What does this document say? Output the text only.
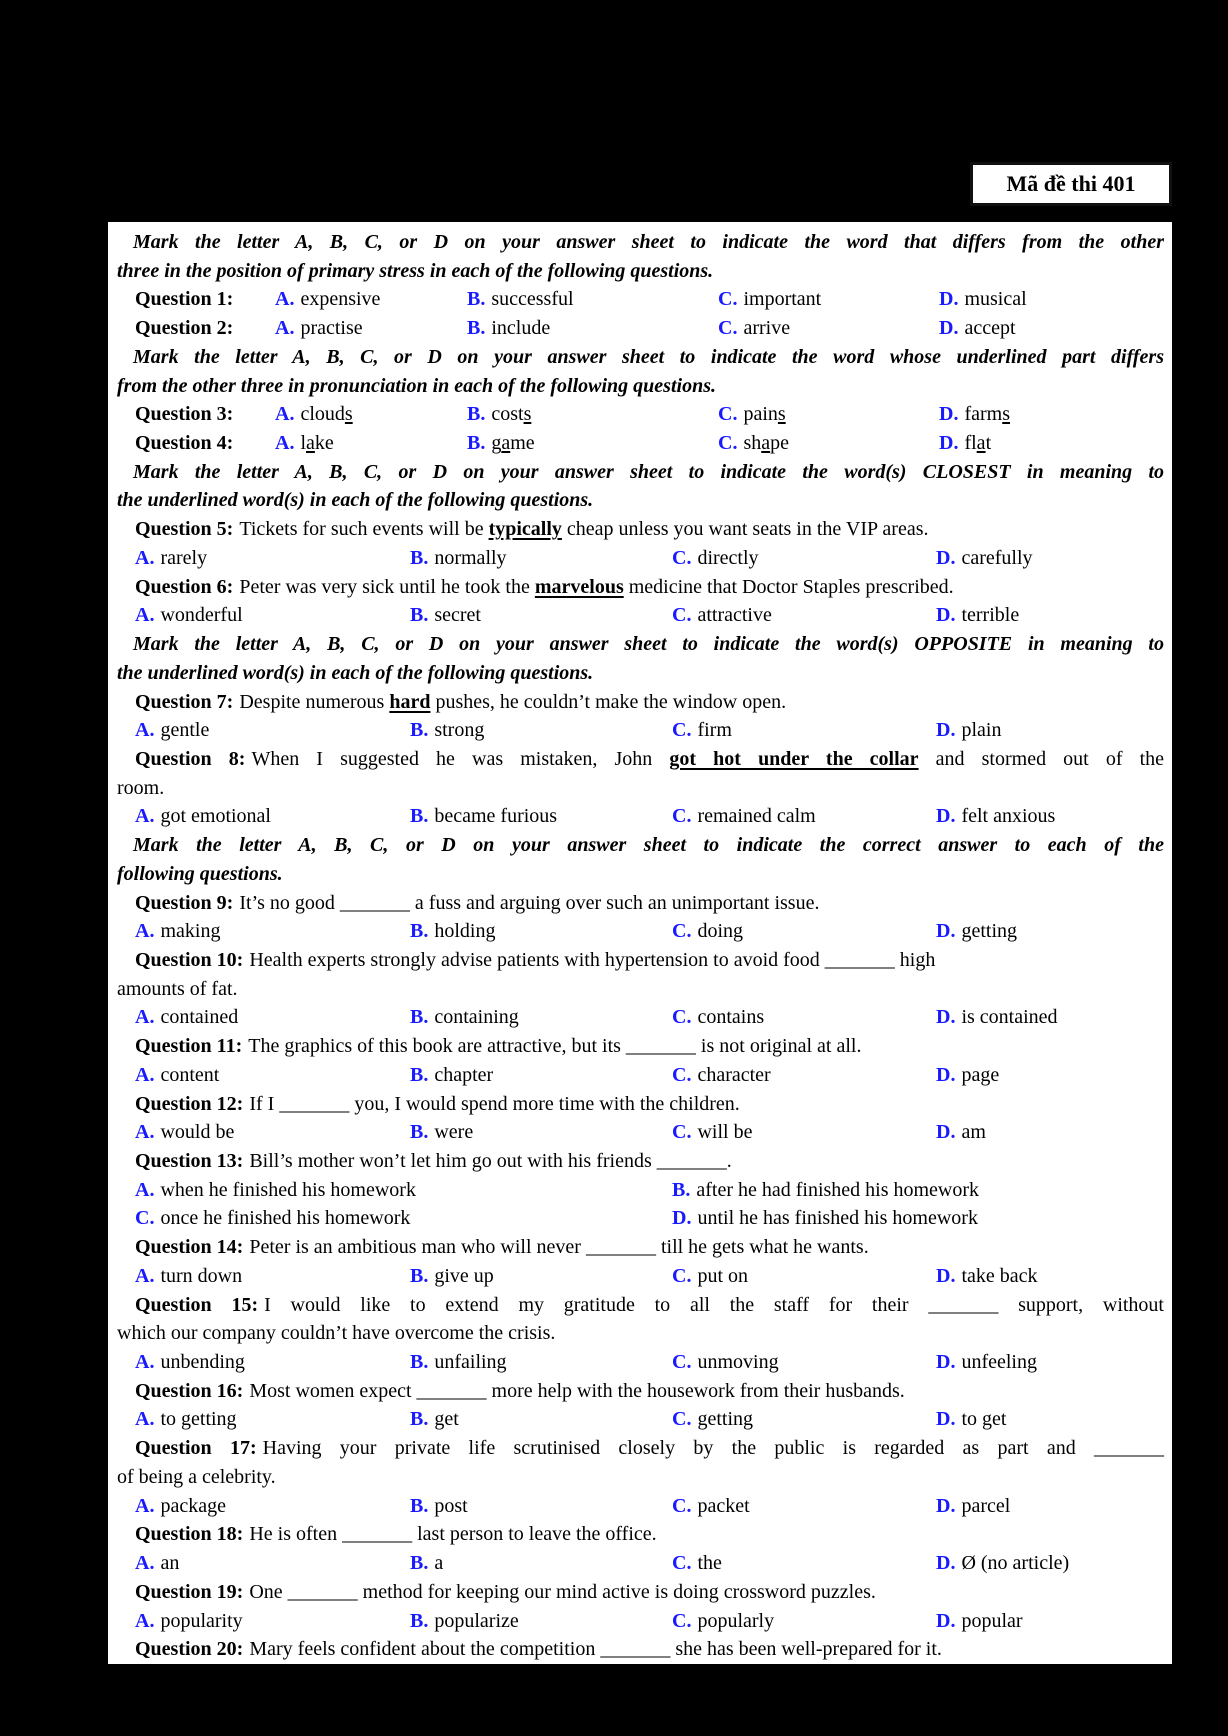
Mã đề thi 401
Mark the letter A, B, C, or D on your answer sheet to indicate the word that differs from the other
three in the position of primary stress in each of the following questions.
Question 1:	A. expensive	B. successful	C. important	D. musical
Question 2:	A. practise	B. include	C. arrive	D. accept
Mark the letter A, B, C, or D on your answer sheet to indicate the word whose underlined part differs
from the other three in pronunciation in each of the following questions.
Question 3:	A. clouds	B. costs	C. pains	D. farms
Question 4:	A. lake	B. game	C. shape	D. flat
Mark the letter A, B, C, or D on your answer sheet to indicate the word(s) CLOSEST in meaning to
the underlined word(s) in each of the following questions.
Question 5: Tickets for such events will be typically cheap unless you want seats in the VIP areas.
A. rarely	B. normally	C. directly	D. carefully
Question 6: Peter was very sick until he took the marvelous medicine that Doctor Staples prescribed.
A. wonderful	B. secret	C. attractive	D. terrible
Mark the letter A, B, C, or D on your answer sheet to indicate the word(s) OPPOSITE in meaning to
the underlined word(s) in each of the following questions.
Question 7: Despite numerous hard pushes, he couldn’t make the window open.
A. gentle	B. strong	C. firm	D. plain
Question 8: When I suggested he was mistaken, John got hot under the collar and stormed out of the
room.
A. got emotional	B. became furious	C. remained calm	D. felt anxious
Mark the letter A, B, C, or D on your answer sheet to indicate the correct answer to each of the
following questions.
Question 9: It’s no good _______ a fuss and arguing over such an unimportant issue.
A. making	B. holding	C. doing	D. getting
Question 10: Health experts strongly advise patients with hypertension to avoid food _______ high
amounts of fat.
A. contained	B. containing	C. contains	D. is contained
Question 11: The graphics of this book are attractive, but its _______ is not original at all.
A. content	B. chapter	C. character	D. page
Question 12: If I _______ you, I would spend more time with the children.
A. would be	B. were	C. will be	D. am
Question 13: Bill’s mother won’t let him go out with his friends _______.
A. when he finished his homework	B. after he had finished his homework
C. once he finished his homework	D. until he has finished his homework
Question 14: Peter is an ambitious man who will never _______ till he gets what he wants.
A. turn down	B. give up	C. put on	D. take back
Question 15: I would like to extend my gratitude to all the staff for their _______ support, without
which our company couldn’t have overcome the crisis.
A. unbending	B. unfailing	C. unmoving	D. unfeeling
Question 16: Most women expect _______ more help with the housework from their husbands.
A. to getting	B. get	C. getting	D. to get
Question 17: Having your private life scrutinised closely by the public is regarded as part and _______
of being a celebrity.
A. package	B. post	C. packet	D. parcel
Question 18: He is often _______ last person to leave the office.
A. an	B. a	C. the	D. Ø (no article)
Question 19: One _______ method for keeping our mind active is doing crossword puzzles.
A. popularity	B. popularize	C. popularly	D. popular
Question 20: Mary feels confident about the competition _______ she has been well-prepared for it.
